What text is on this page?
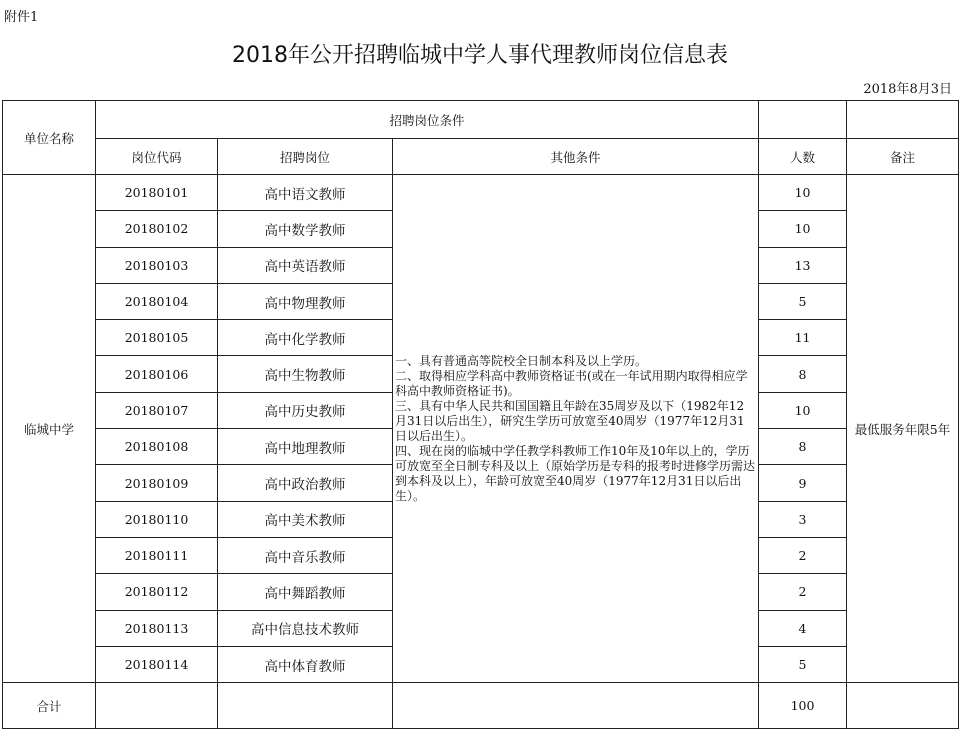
附件1
2018年公开招聘临城中学人事代理教师岗位信息表
2018年8月3日
单位名称	招聘岗位条件				
	岗位代码	招聘岗位	其他条件	人数	备注
临城中学	20180101	高中语文教师	一、具有普通高等院校全日制本科及以上学历。

二、取得相应学科高中教师资格证书(或在一年试用期内取得相应学科高中教师资格证书)。

三、具有中华人民共和国国籍且年龄在35周岁及以下（1982年12月31日以后出生），研究生学历可放宽至40周岁（1977年12月31日以后出生）。

四、现在岗的临城中学任教学科教师工作10年及10年以上的，学历可放宽至全日制专科及以上（原始学历是专科的报考时进修学历需达到本科及以上），年龄可放宽至40周岁（1977年12月31日以后出生）。	10	最低服务年限5年
	20180102	高中数学教师		10	
	20180103	高中英语教师		13	
	20180104	高中物理教师		5	
	20180105	高中化学教师		11	
	20180106	高中生物教师		8	
	20180107	高中历史教师		10	
	20180108	高中地理教师		8	
	20180109	高中政治教师		9	
	20180110	高中美术教师		3	
	20180111	高中音乐教师		2	
	20180112	高中舞蹈教师		2	
	20180113	高中信息技术教师		4	
	20180114	高中体育教师		5	
合计				100	
